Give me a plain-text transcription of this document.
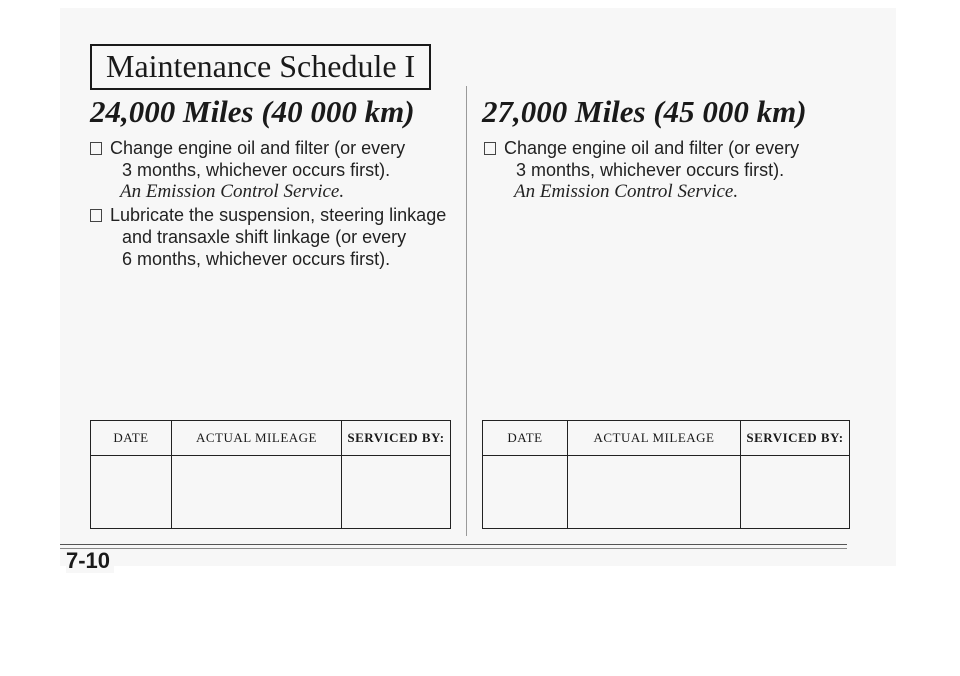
Maintenance Schedule I
24,000 Miles (40 000 km)
Change engine oil and filter (or every
3 months, whichever occurs first).
An Emission Control Service.
Lubricate the suspension, steering linkage
and transaxle shift linkage (or every
6 months, whichever occurs first).
DATE	ACTUAL MILEAGE	SERVICED BY:

27,000 Miles (45 000 km)
Change engine oil and filter (or every
3 months, whichever occurs first).
An Emission Control Service.
DATE	ACTUAL MILEAGE	SERVICED BY:

7-10
